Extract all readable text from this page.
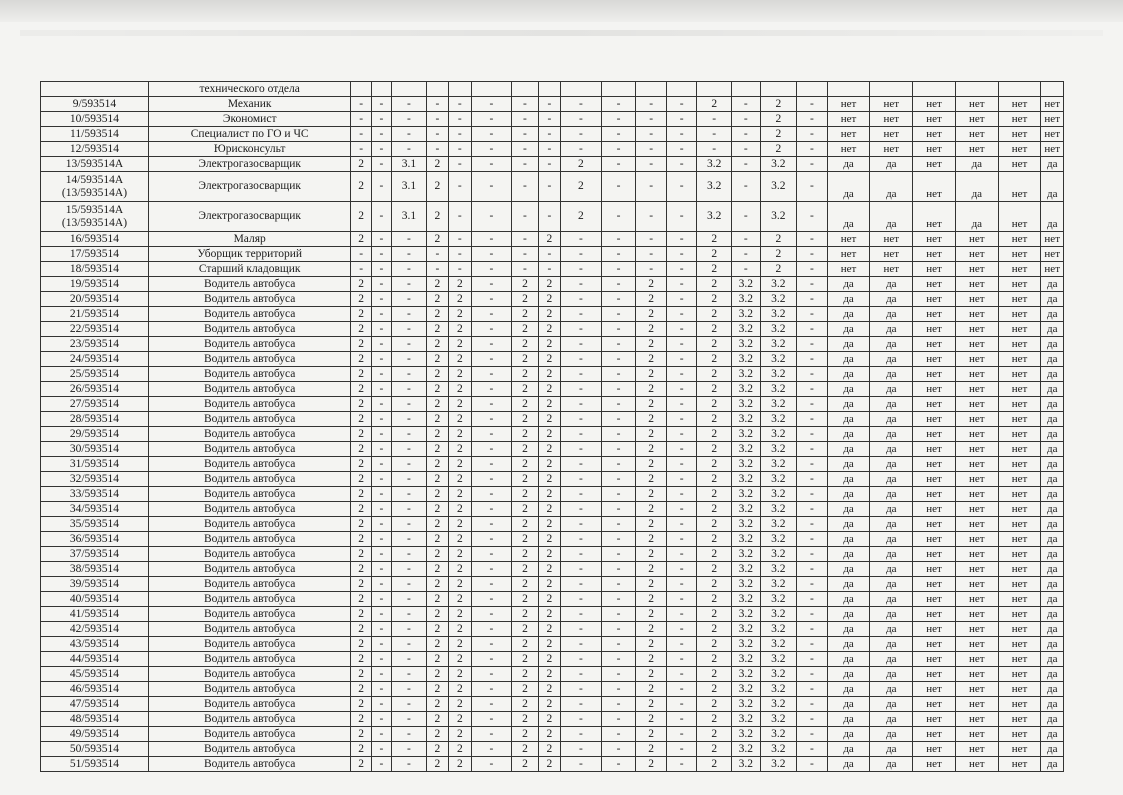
	технического отдела																						
9/593514	Механик	-	-	-	-	-	-	-	-	-	-	-	-	2	-	2	-	нет	нет	нет	нет	нет	нет
10/593514	Экономист	-	-	-	-	-	-	-	-	-	-	-	-	-	-	2	-	нет	нет	нет	нет	нет	нет
11/593514	Специалист по ГО и ЧС	-	-	-	-	-	-	-	-	-	-	-	-	-	-	2	-	нет	нет	нет	нет	нет	нет
12/593514	Юрисконсульт	-	-	-	-	-	-	-	-	-	-	-	-	-	-	2	-	нет	нет	нет	нет	нет	нет
13/593514А	Электрогазосварщик	2	-	3.1	2	-	-	-	-	2	-	-	-	3.2	-	3.2	-	да	да	нет	да	нет	да
14/593514А (13/593514А)	Электрогазосварщик	2	-	3.1	2	-	-	-	-	2	-	-	-	3.2	-	3.2	-	да	да	нет	да	нет	да
15/593514А (13/593514А)	Электрогазосварщик	2	-	3.1	2	-	-	-	-	2	-	-	-	3.2	-	3.2	-	да	да	нет	да	нет	да
16/593514	Маляр	2	-	-	2	-	-	-	2	-	-	-	-	2	-	2	-	нет	нет	нет	нет	нет	нет
17/593514	Уборщик территорий	-	-	-	-	-	-	-	-	-	-	-	-	2	-	2	-	нет	нет	нет	нет	нет	нет
18/593514	Старший кладовщик	-	-	-	-	-	-	-	-	-	-	-	-	2	-	2	-	нет	нет	нет	нет	нет	нет
19/593514	Водитель автобуса	2	-	-	2	2	-	2	2	-	-	2	-	2	3.2	3.2	-	да	да	нет	нет	нет	да
20/593514	Водитель автобуса	2	-	-	2	2	-	2	2	-	-	2	-	2	3.2	3.2	-	да	да	нет	нет	нет	да
21/593514	Водитель автобуса	2	-	-	2	2	-	2	2	-	-	2	-	2	3.2	3.2	-	да	да	нет	нет	нет	да
22/593514	Водитель автобуса	2	-	-	2	2	-	2	2	-	-	2	-	2	3.2	3.2	-	да	да	нет	нет	нет	да
23/593514	Водитель автобуса	2	-	-	2	2	-	2	2	-	-	2	-	2	3.2	3.2	-	да	да	нет	нет	нет	да
24/593514	Водитель автобуса	2	-	-	2	2	-	2	2	-	-	2	-	2	3.2	3.2	-	да	да	нет	нет	нет	да
25/593514	Водитель автобуса	2	-	-	2	2	-	2	2	-	-	2	-	2	3.2	3.2	-	да	да	нет	нет	нет	да
26/593514	Водитель автобуса	2	-	-	2	2	-	2	2	-	-	2	-	2	3.2	3.2	-	да	да	нет	нет	нет	да
27/593514	Водитель автобуса	2	-	-	2	2	-	2	2	-	-	2	-	2	3.2	3.2	-	да	да	нет	нет	нет	да
28/593514	Водитель автобуса	2	-	-	2	2	-	2	2	-	-	2	-	2	3.2	3.2	-	да	да	нет	нет	нет	да
29/593514	Водитель автобуса	2	-	-	2	2	-	2	2	-	-	2	-	2	3.2	3.2	-	да	да	нет	нет	нет	да
30/593514	Водитель автобуса	2	-	-	2	2	-	2	2	-	-	2	-	2	3.2	3.2	-	да	да	нет	нет	нет	да
31/593514	Водитель автобуса	2	-	-	2	2	-	2	2	-	-	2	-	2	3.2	3.2	-	да	да	нет	нет	нет	да
32/593514	Водитель автобуса	2	-	-	2	2	-	2	2	-	-	2	-	2	3.2	3.2	-	да	да	нет	нет	нет	да
33/593514	Водитель автобуса	2	-	-	2	2	-	2	2	-	-	2	-	2	3.2	3.2	-	да	да	нет	нет	нет	да
34/593514	Водитель автобуса	2	-	-	2	2	-	2	2	-	-	2	-	2	3.2	3.2	-	да	да	нет	нет	нет	да
35/593514	Водитель автобуса	2	-	-	2	2	-	2	2	-	-	2	-	2	3.2	3.2	-	да	да	нет	нет	нет	да
36/593514	Водитель автобуса	2	-	-	2	2	-	2	2	-	-	2	-	2	3.2	3.2	-	да	да	нет	нет	нет	да
37/593514	Водитель автобуса	2	-	-	2	2	-	2	2	-	-	2	-	2	3.2	3.2	-	да	да	нет	нет	нет	да
38/593514	Водитель автобуса	2	-	-	2	2	-	2	2	-	-	2	-	2	3.2	3.2	-	да	да	нет	нет	нет	да
39/593514	Водитель автобуса	2	-	-	2	2	-	2	2	-	-	2	-	2	3.2	3.2	-	да	да	нет	нет	нет	да
40/593514	Водитель автобуса	2	-	-	2	2	-	2	2	-	-	2	-	2	3.2	3.2	-	да	да	нет	нет	нет	да
41/593514	Водитель автобуса	2	-	-	2	2	-	2	2	-	-	2	-	2	3.2	3.2	-	да	да	нет	нет	нет	да
42/593514	Водитель автобуса	2	-	-	2	2	-	2	2	-	-	2	-	2	3.2	3.2	-	да	да	нет	нет	нет	да
43/593514	Водитель автобуса	2	-	-	2	2	-	2	2	-	-	2	-	2	3.2	3.2	-	да	да	нет	нет	нет	да
44/593514	Водитель автобуса	2	-	-	2	2	-	2	2	-	-	2	-	2	3.2	3.2	-	да	да	нет	нет	нет	да
45/593514	Водитель автобуса	2	-	-	2	2	-	2	2	-	-	2	-	2	3.2	3.2	-	да	да	нет	нет	нет	да
46/593514	Водитель автобуса	2	-	-	2	2	-	2	2	-	-	2	-	2	3.2	3.2	-	да	да	нет	нет	нет	да
47/593514	Водитель автобуса	2	-	-	2	2	-	2	2	-	-	2	-	2	3.2	3.2	-	да	да	нет	нет	нет	да
48/593514	Водитель автобуса	2	-	-	2	2	-	2	2	-	-	2	-	2	3.2	3.2	-	да	да	нет	нет	нет	да
49/593514	Водитель автобуса	2	-	-	2	2	-	2	2	-	-	2	-	2	3.2	3.2	-	да	да	нет	нет	нет	да
50/593514	Водитель автобуса	2	-	-	2	2	-	2	2	-	-	2	-	2	3.2	3.2	-	да	да	нет	нет	нет	да
51/593514	Водитель автобуса	2	-	-	2	2	-	2	2	-	-	2	-	2	3.2	3.2	-	да	да	нет	нет	нет	да
